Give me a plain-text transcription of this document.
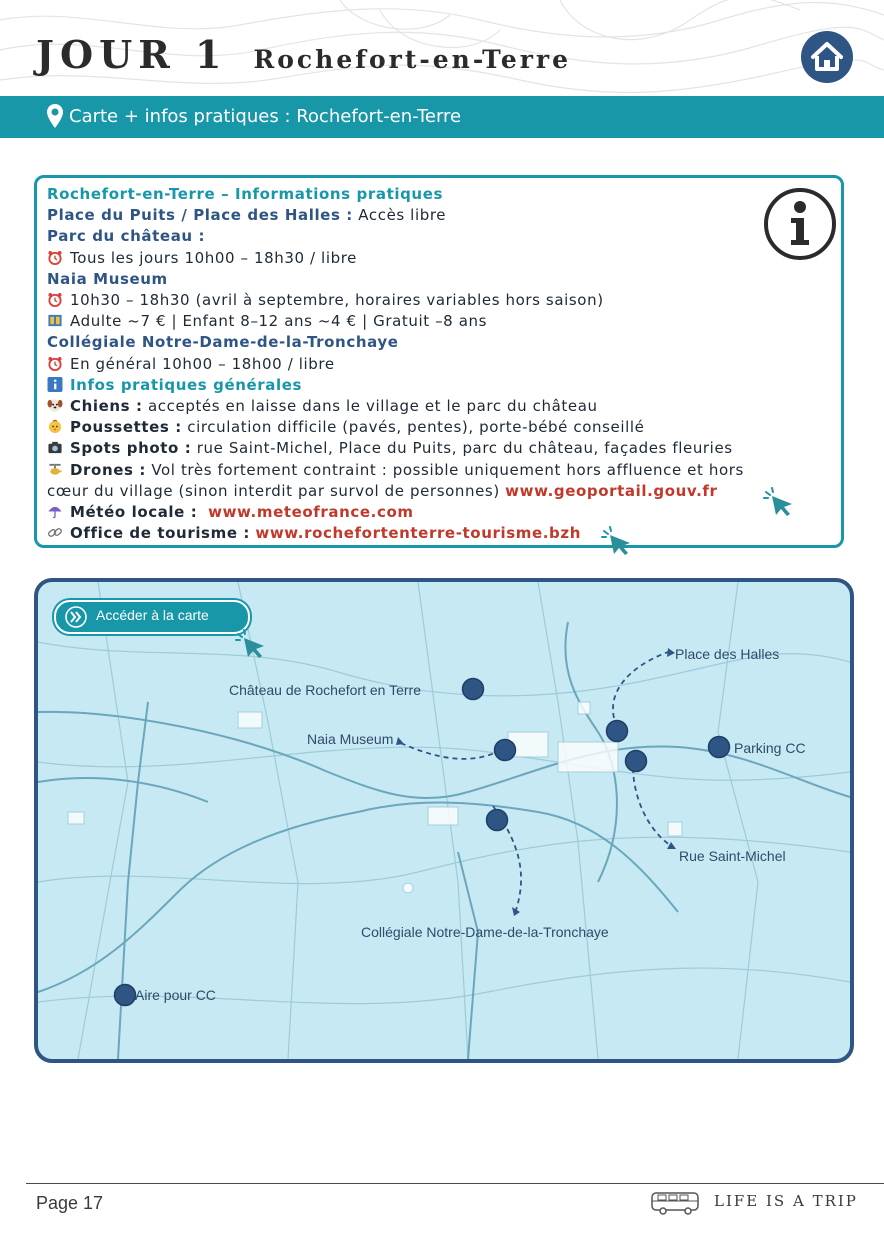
JOUR 1 Rochefort-en-Terre
Carte + infos pratiques : Rochefort-en-Terre
Rochefort-en-Terre – Informations pratiques
Place du Puits / Place des Halles : Accès libre
Parc du château :
Tous les jours 10h00 – 18h30 / libre
Naia Museum
10h30 – 18h30 (avril à septembre, horaires variables hors saison)
Adulte ~7 € | Enfant 8–12 ans ~4 € | Gratuit –8 ans
Collégiale Notre-Dame-de-la-Tronchaye
En général 10h00 – 18h00 / libre
Infos pratiques générales
Chiens : acceptés en laisse dans le village et le parc du château
Poussettes : circulation difficile (pavés, pentes), porte-bébé conseillé
Spots photo : rue Saint-Michel, Place du Puits, parc du château, façades fleuries
Drones : Vol très fortement contraint : possible uniquement hors affluence et hors
cœur du village (sinon interdit par survol de personnes) www.geoportail.gouv.fr
Météo locale : www.meteofrance.com
Office de tourisme : www.rochefortenterre-tourisme.bzh
Accéder à la carte
Château de Rochefort en Terre
Naia Museum
Place des Halles
Parking CC
Rue Saint-Michel
Collégiale Notre-Dame-de-la-Tronchaye
Aire pour CC
Page 17	LIFE IS A TRIP
